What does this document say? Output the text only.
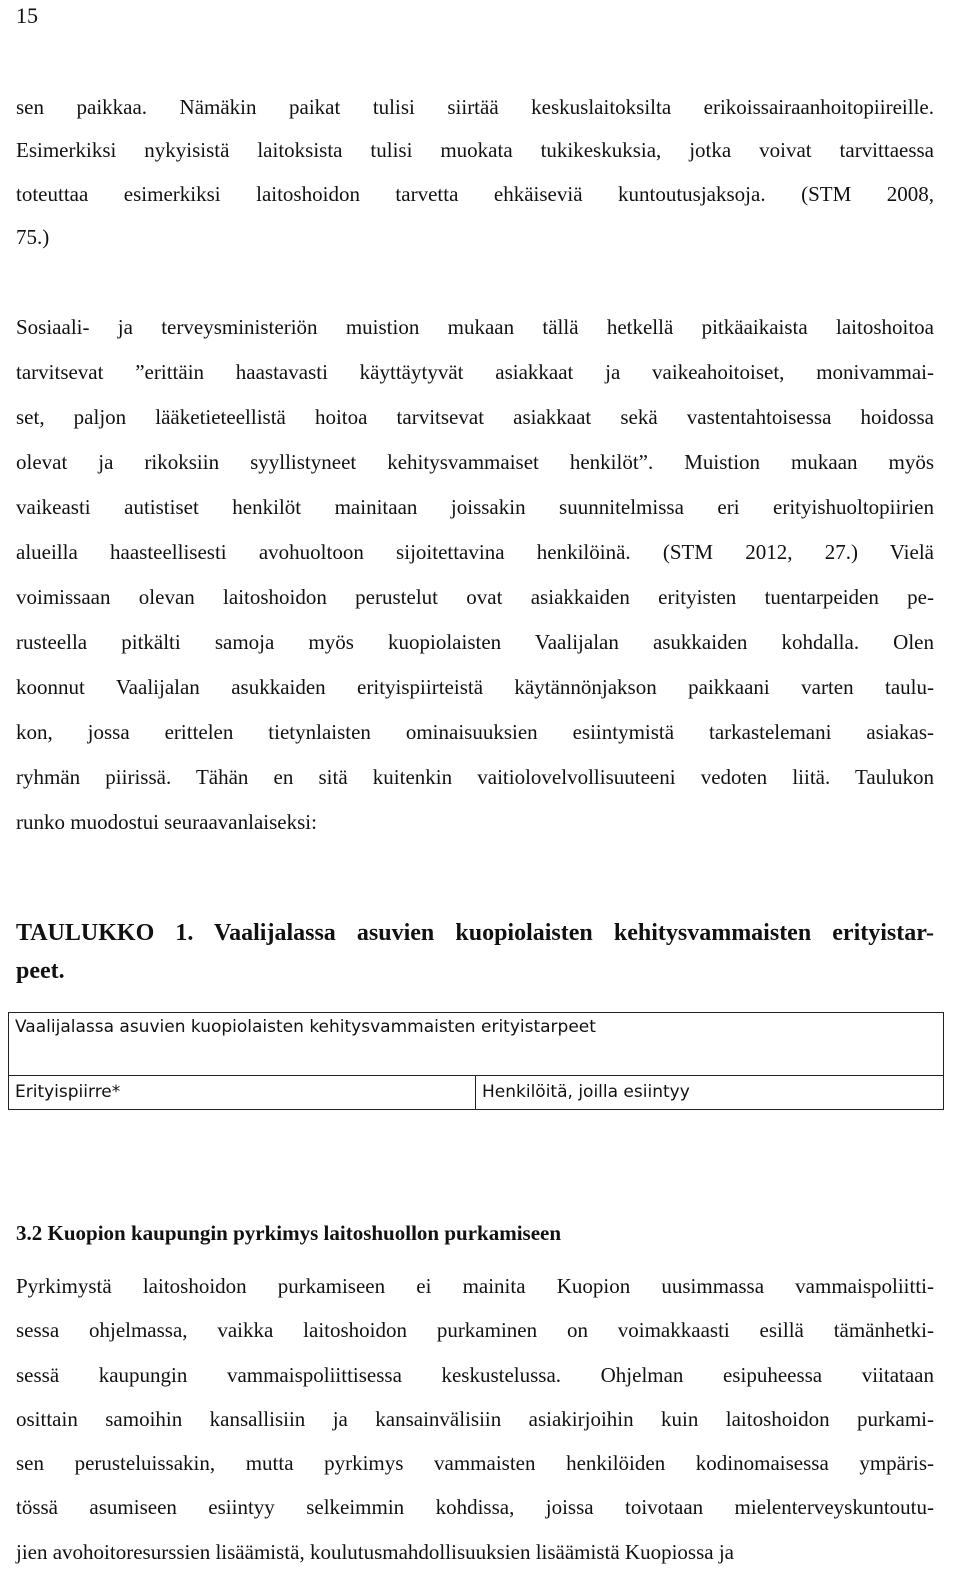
15
sen paikkaa. Nämäkin paikat tulisi siirtää keskuslaitoksilta erikoissairaanhoitopiireille.
Esimerkiksi nykyisistä laitoksista tulisi muokata tukikeskuksia, jotka voivat tarvittaessa
toteuttaa esimerkiksi laitoshoidon tarvetta ehkäiseviä kuntoutusjaksoja. (STM 2008,
75.)
Sosiaali- ja terveysministeriön muistion mukaan tällä hetkellä pitkäaikaista laitoshoitoa
tarvitsevat ”erittäin haastavasti käyttäytyvät asiakkaat ja vaikeahoitoiset, monivammai-
set, paljon lääketieteellistä hoitoa tarvitsevat asiakkaat sekä vastentahtoisessa hoidossa
olevat ja rikoksiin syyllistyneet kehitysvammaiset henkilöt”. Muistion mukaan myös
vaikeasti autistiset henkilöt mainitaan joissakin suunnitelmissa eri erityishuoltopiirien
alueilla haasteellisesti avohuoltoon sijoitettavina henkilöinä. (STM 2012, 27.) Vielä
voimissaan olevan laitoshoidon perustelut ovat asiakkaiden erityisten tuentarpeiden pe-
rusteella pitkälti samoja myös kuopiolaisten Vaalijalan asukkaiden kohdalla. Olen
koonnut Vaalijalan asukkaiden erityispiirteistä käytännönjakson paikkaani varten taulu-
kon, jossa erittelen tietynlaisten ominaisuuksien esiintymistä tarkastelemani asiakas-
ryhmän piirissä. Tähän en sitä kuitenkin vaitiolovelvollisuuteeni vedoten liitä. Taulukon
runko muodostui seuraavanlaiseksi:
TAULUKKO 1. Vaalijalassa asuvien kuopiolaisten kehitysvammaisten erityistar-
peet.
Vaalijalassa asuvien kuopiolaisten kehitysvammaisten erityistarpeet
Erityispiirre*	Henkilöitä, joilla esiintyy
3.2 Kuopion kaupungin pyrkimys laitoshuollon purkamiseen
Pyrkimystä laitoshoidon purkamiseen ei mainita Kuopion uusimmassa vammaispoliitti-
sessa ohjelmassa, vaikka laitoshoidon purkaminen on voimakkaasti esillä tämänhetki-
sessä kaupungin vammaispoliittisessa keskustelussa. Ohjelman esipuheessa viitataan
osittain samoihin kansallisiin ja kansainvälisiin asiakirjoihin kuin laitoshoidon purkami-
sen perusteluissakin, mutta pyrkimys vammaisten henkilöiden kodinomaisessa ympäris-
tössä asumiseen esiintyy selkeimmin kohdissa, joissa toivotaan mielenterveyskuntoutu-
jien avohoitoresurssien lisäämistä, koulutusmahdollisuuksien lisäämistä Kuopiossa ja
